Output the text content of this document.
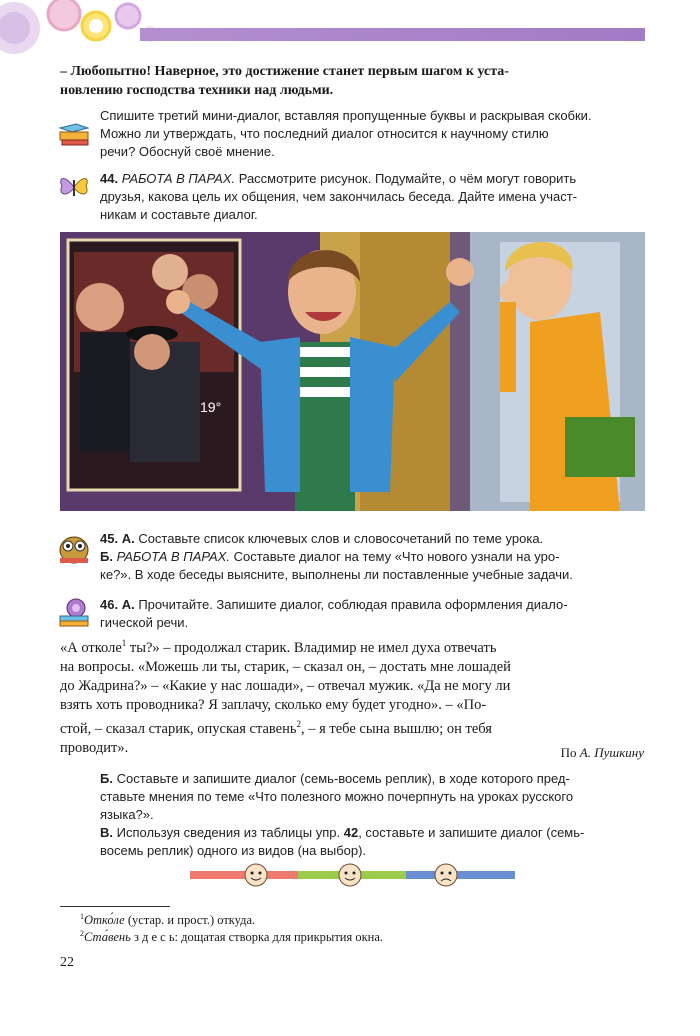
– Любопытно! Наверное, это достижение станет первым шагом к уста-
новлению господства техники над людьми.
Спишите третий мини-диалог, вставляя пропущенные буквы и раскрывая скобки.
Можно ли утверждать, что последний диалог относится к научному стилю
речи? Обоснуй своё мнение.
44. РАБОТА В ПАРАХ. Рассмотрите рисунок. Подумайте, о чём могут говорить
друзья, какова цель их общения, чем закончилась беседа. Дайте имена участ-
никам и составьте диалог.
19°
45. А. Составьте список ключевых слов и словосочетаний по теме урока.
Б. РАБОТА В ПАРАХ. Составьте диалог на тему «Что нового узнали на уро-
ке?». В ходе беседы выясните, выполнены ли поставленные учебные задачи.
46. А. Прочитайте. Запишите диалог, соблюдая правила оформления диало-
гической речи.
«А отколе$^1$ ты?» – продолжал старик. Владимир не имел духа отвечать
на вопросы. «Можешь ли ты, старик, – сказал он, – достать мне лошадей
до Жадрина?» – «Какие у нас лошади», – отвечал мужик. «Да не могу ли
взять хоть проводника? Я заплачу, сколько ему будет угодно». – «По-
стой, – сказал старик, опуская ставень$^2$, – я тебе сына вышлю; он тебя
проводит».	По А. Пушкину
Б. Составьте и запишите диалог (семь-восемь реплик), в ходе которого пред-
ставьте мнения по теме «Что полезного можно почерпнуть на уроках русского
языка?».
В. Используя сведения из таблицы упр. 42, составьте и запишите диалог (семь-
восемь реплик) одного из видов (на выбор).
$^1$Отко́ле (устар. и прост.) откуда.
$^2$Ста́вень з д е с ь: дощатая створка для прикрытия окна.
22
